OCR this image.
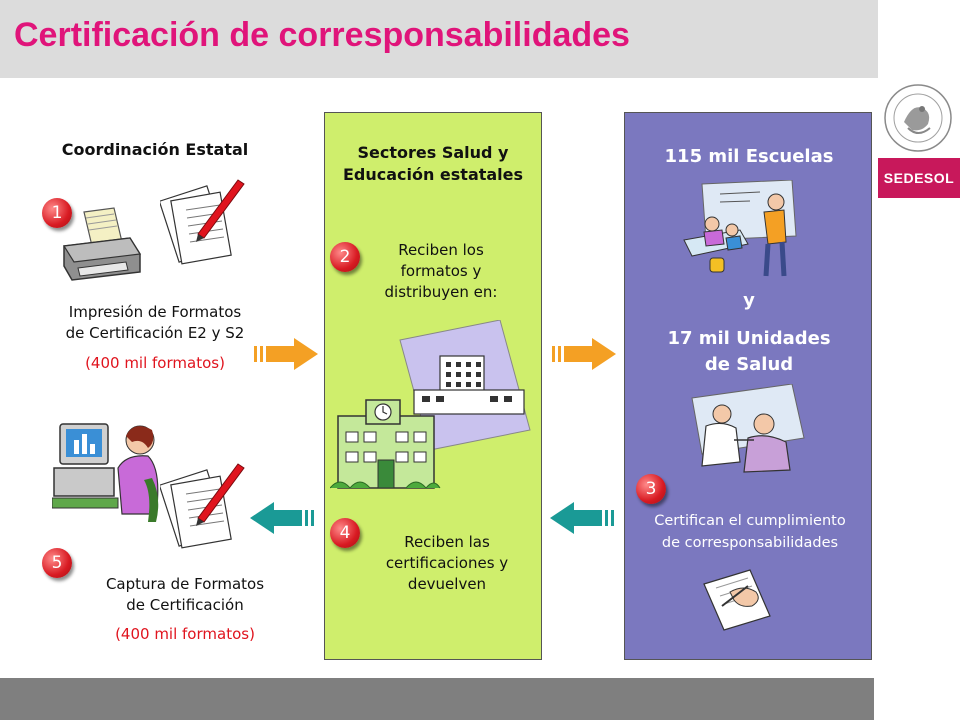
Certificación de corresponsabilidades
SEDESOL
Coordinación Estatal
1
Impresión de Formatos
de Certificación E2 y S2
(400 mil formatos)
5
Captura de Formatos
de Certificación
(400 mil formatos)
Sectores Salud y
Educación estatales
2	Reciben los
formatos y
distribuyen en:
4	Reciben las
certificaciones y
devuelven
115 mil Escuelas
y
17 mil Unidades
de Salud
3
Certifican el cumplimiento
de corresponsabilidades
